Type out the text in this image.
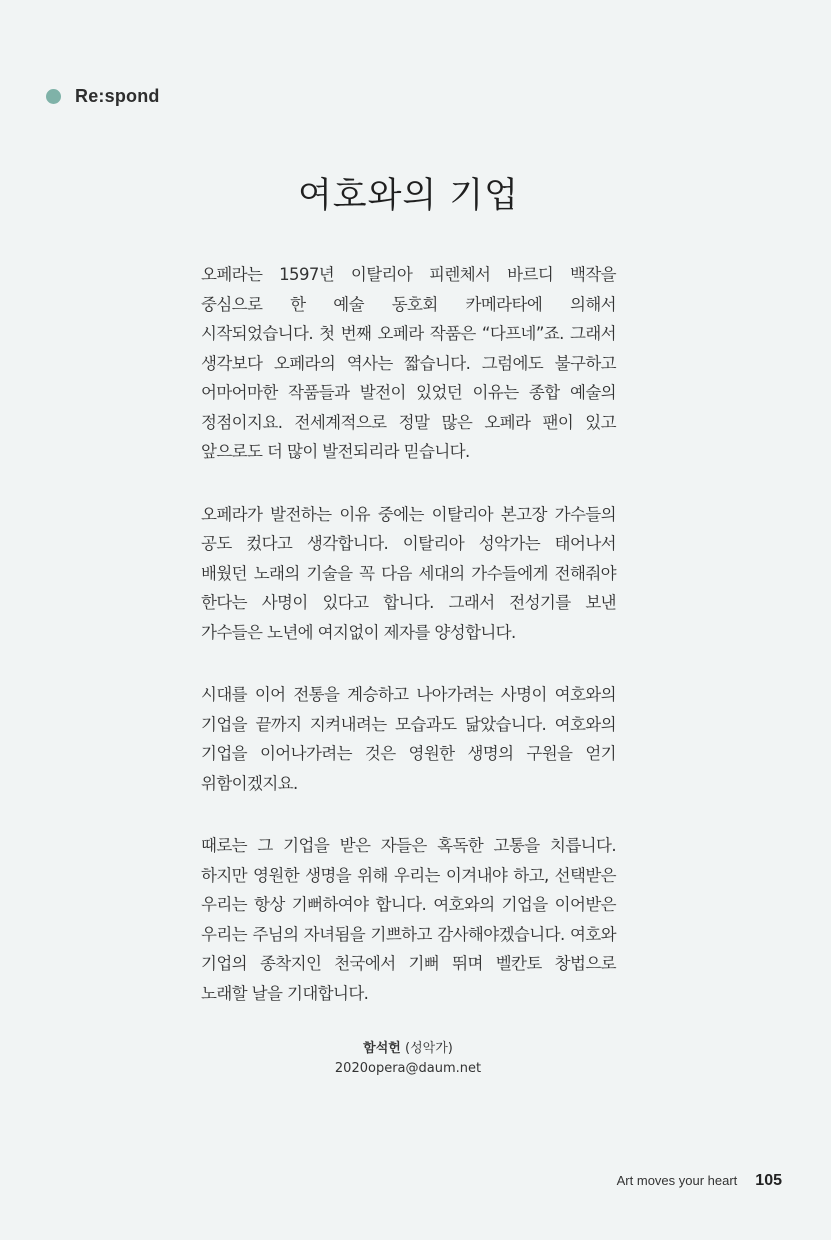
Re:spond
여호와의 기업

오페라는 1597년 이탈리아 피렌체서 바르디 백작을 중심으로 한 예술 동호회 카메라타에 의해서 시작되었습니다. 첫 번째 오페라 작품은 “다프네”죠. 그래서 생각보다 오페라의 역사는 짧습니다. 그럼에도 불구하고 어마어마한 작품들과 발전이 있었던 이유는 종합 예술의 정점이지요. 전세계적으로 정말 많은 오페라 팬이 있고 앞으로도 더 많이 발전되리라 믿습니다.

오페라가 발전하는 이유 중에는 이탈리아 본고장 가수들의 공도 컸다고 생각합니다. 이탈리아 성악가는 태어나서 배웠던 노래의 기술을 꼭 다음 세대의 가수들에게 전해줘야 한다는 사명이 있다고 합니다. 그래서 전성기를 보낸 가수들은 노년에 여지없이 제자를 양성합니다.

시대를 이어 전통을 계승하고 나아가려는 사명이 여호와의 기업을 끝까지 지켜내려는 모습과도 닮았습니다. 여호와의 기업을 이어나가려는 것은 영원한 생명의 구원을 얻기 위함이겠지요.

때로는 그 기업을 받은 자들은 혹독한 고통을 치릅니다. 하지만 영원한 생명을 위해 우리는 이겨내야 하고, 선택받은 우리는 항상 기뻐하여야 합니다. 여호와의 기업을 이어받은 우리는 주님의 자녀됨을 기쁘하고 감사해야겠습니다. 여호와 기업의 종착지인 천국에서 기뻐 뛰며 벨칸토 창법으로 노래할 날을 기대합니다.

함석헌 (성악가)
2020opera@daum.net
Art moves your heart 105
